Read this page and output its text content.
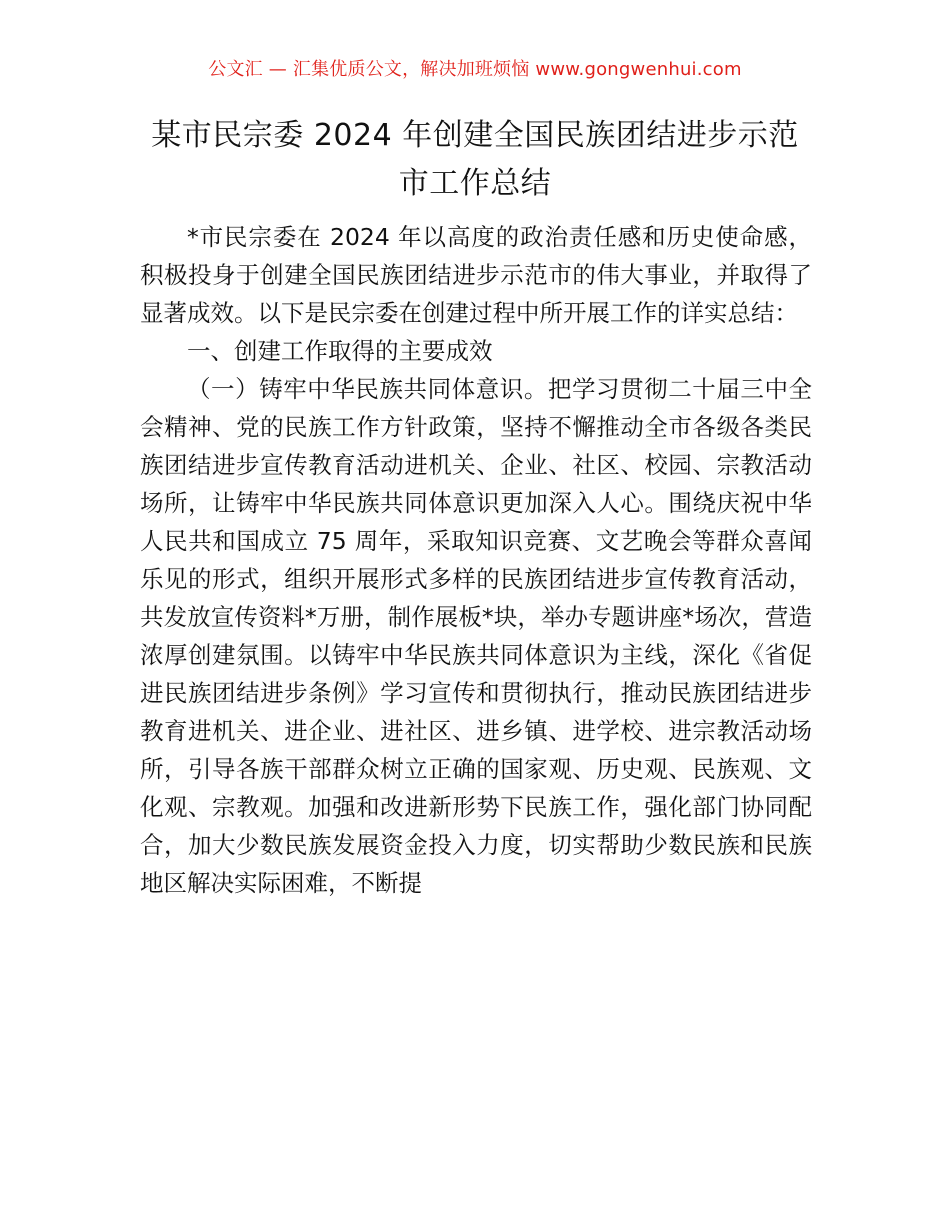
公文汇 — 汇集优质公文，解决加班烦恼 www.gongwenhui.com
某市民宗委 2024 年创建全国民族团结进步示范
市工作总结

*市民宗委在 2024 年以高度的政治责任感和历史使命感，积极投身于创建全国民族团结进步示范市的伟大事业，并取得了显著成效。以下是民宗委在创建过程中所开展工作的详实总结：

一、创建工作取得的主要成效

（一）铸牢中华民族共同体意识。把学习贯彻二十届三中全会精神、党的民族工作方针政策，坚持不懈推动全市各级各类民族团结进步宣传教育活动进机关、企业、社区、校园、宗教活动场所，让铸牢中华民族共同体意识更加深入人心。围绕庆祝中华人民共和国成立 75 周年，采取知识竞赛、文艺晚会等群众喜闻乐见的形式，组织开展形式多样的民族团结进步宣传教育活动，共发放宣传资料*万册，制作展板*块，举办专题讲座*场次，营造浓厚创建氛围。以铸牢中华民族共同体意识为主线，深化《省促进民族团结进步条例》学习宣传和贯彻执行，推动民族团结进步教育进机关、进企业、进社区、进乡镇、进学校、进宗教活动场所，引导各族干部群众树立正确的国家观、历史观、民族观、文化观、宗教观。加强和改进新形势下民族工作，强化部门协同配合，加大少数民族发展资金投入力度，切实帮助少数民族和民族地区解决实际困难，不断提
